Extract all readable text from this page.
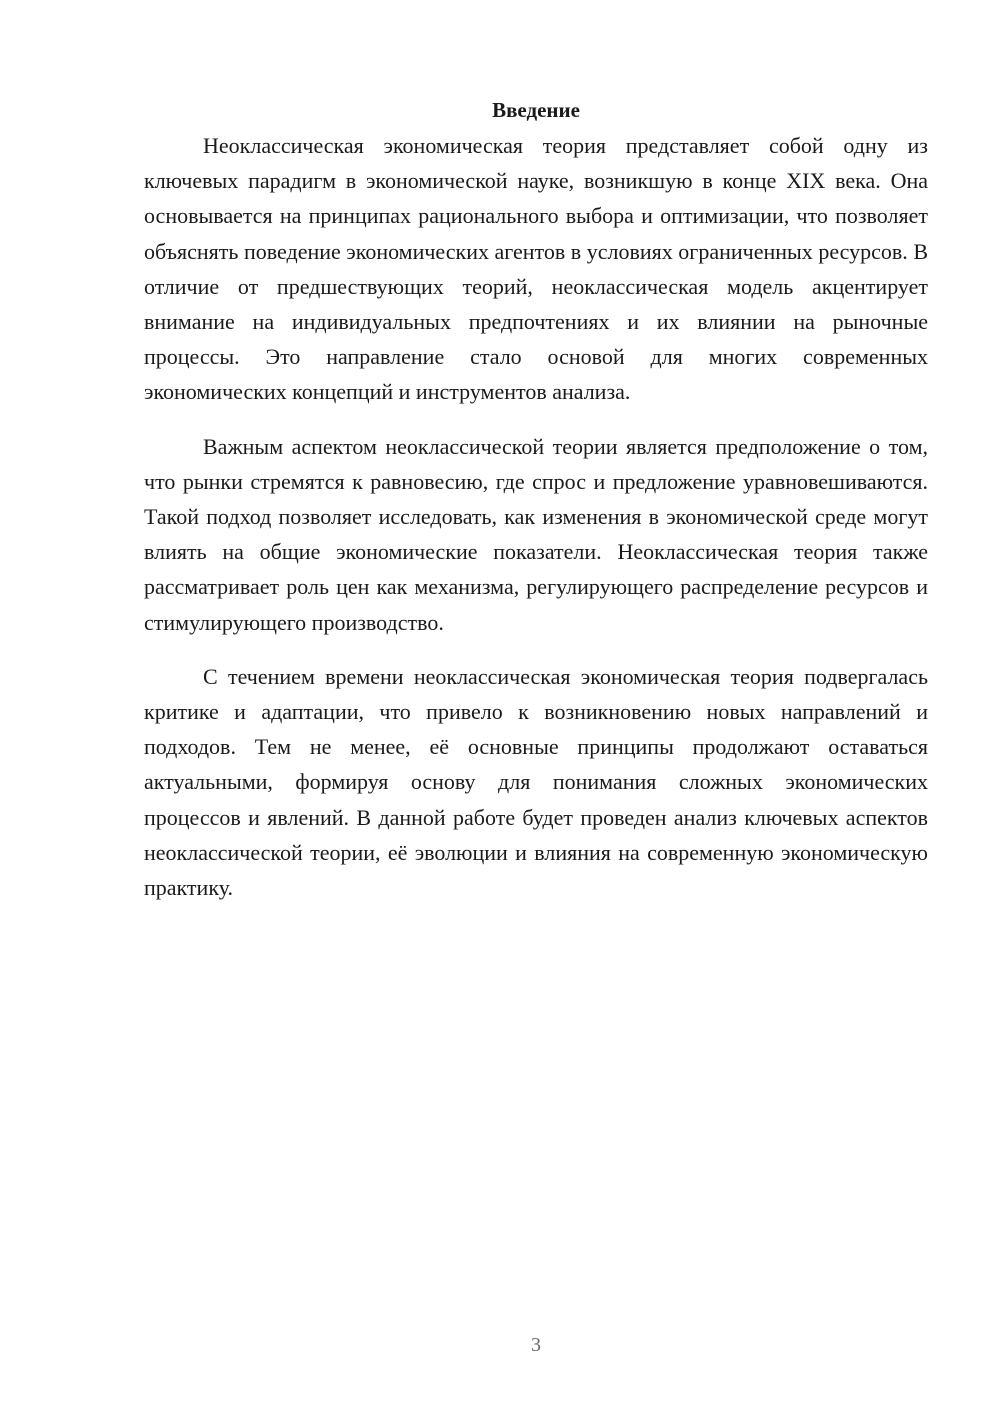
Введение

Неоклассическая экономическая теория представляет собой одну из ключевых парадигм в экономической науке, возникшую в конце XIX века. Она основывается на принципах рационального выбора и оптимизации, что позволяет объяснять поведение экономических агентов в условиях ограниченных ресурсов. В отличие от предшествующих теорий, неоклассическая модель акцентирует внимание на индивидуальных предпочтениях и их влиянии на рыночные процессы. Это направление стало основой для многих современных экономических концепций и инструментов анализа.

Важным аспектом неоклассической теории является предположение о том, что рынки стремятся к равновесию, где спрос и предложение уравновешиваются. Такой подход позволяет исследовать, как изменения в экономической среде могут влиять на общие экономические показатели. Неоклассическая теория также рассматривает роль цен как механизма, регулирующего распределение ресурсов и стимулирующего производство.

С течением времени неоклассическая экономическая теория подвергалась критике и адаптации, что привело к возникновению новых направлений и подходов. Тем не менее, её основные принципы продолжают оставаться актуальными, формируя основу для понимания сложных экономических процессов и явлений. В данной работе будет проведен анализ ключевых аспектов неоклассической теории, её эволюции и влияния на современную экономическую практику.

3
